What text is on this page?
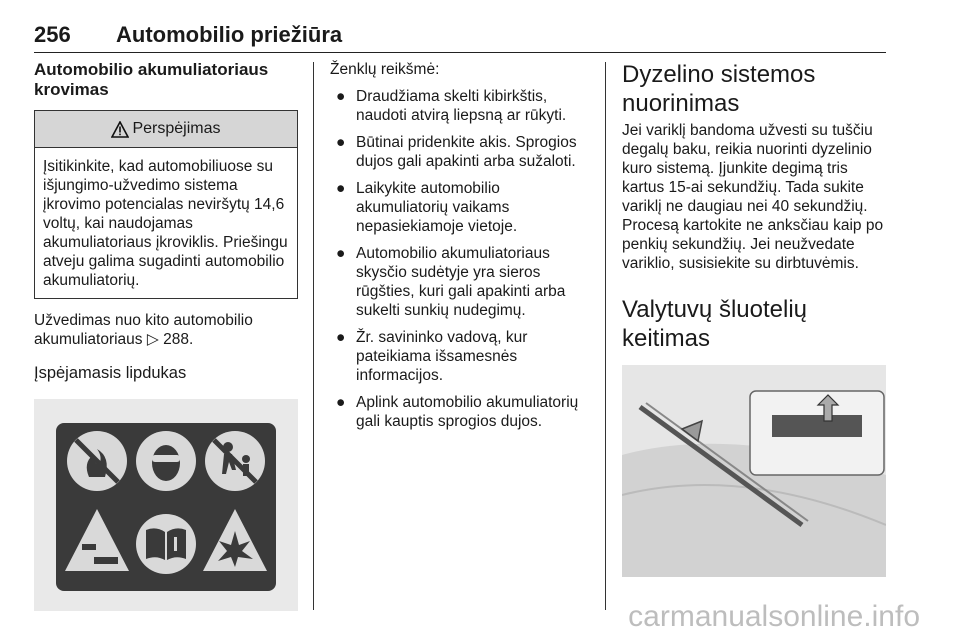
256 Automobilio priežiūra
Automobilio akumuliatoriaus krovimas
Perspėjimas
Įsitikinkite, kad automobiliuose su išjungimo-užvedimo sistema įkrovimo potencialas neviršytų 14,6 voltų, kai naudojamas akumuliatoriaus įkroviklis. Priešingu atveju galima sugadinti automobilio akumuliatorių.

Užvedimas nuo kito automobilio akumuliatoriaus ▷ 288.

Įspėjamasis lipdukas

Ženklų reikšmė:

● Draudžiama skelti kibirkštis, naudoti atvirą liepsną ar rūkyti.
● Būtinai pridenkite akis. Sprogios dujos gali apakinti arba sužaloti.
● Laikykite automobilio akumuliatorių vaikams nepasiekiamoje vietoje.
● Automobilio akumuliatoriaus skysčio sudėtyje yra sieros rūgšties, kuri gali apakinti arba sukelti sunkių nudegimų.
● Žr. savininko vadovą, kur pateikiama išsamesnės informacijos.
● Aplink automobilio akumuliatorių gali kauptis sprogios dujos.
Dyzelino sistemos nuorinimas

Jei variklį bandoma užvesti su tuščiu degalų baku, reikia nuorinti dyzelinio kuro sistemą. Įjunkite degimą tris kartus 15-ai sekundžių. Tada sukite variklį ne daugiau nei 40 sekundžių. Procesą kartokite ne anksčiau kaip po penkių sekundžių. Jei neužvedate variklio, susisiekite su dirbtuvėmis.

Valytuvų šluotelių keitimas
carmanualsonline.info
